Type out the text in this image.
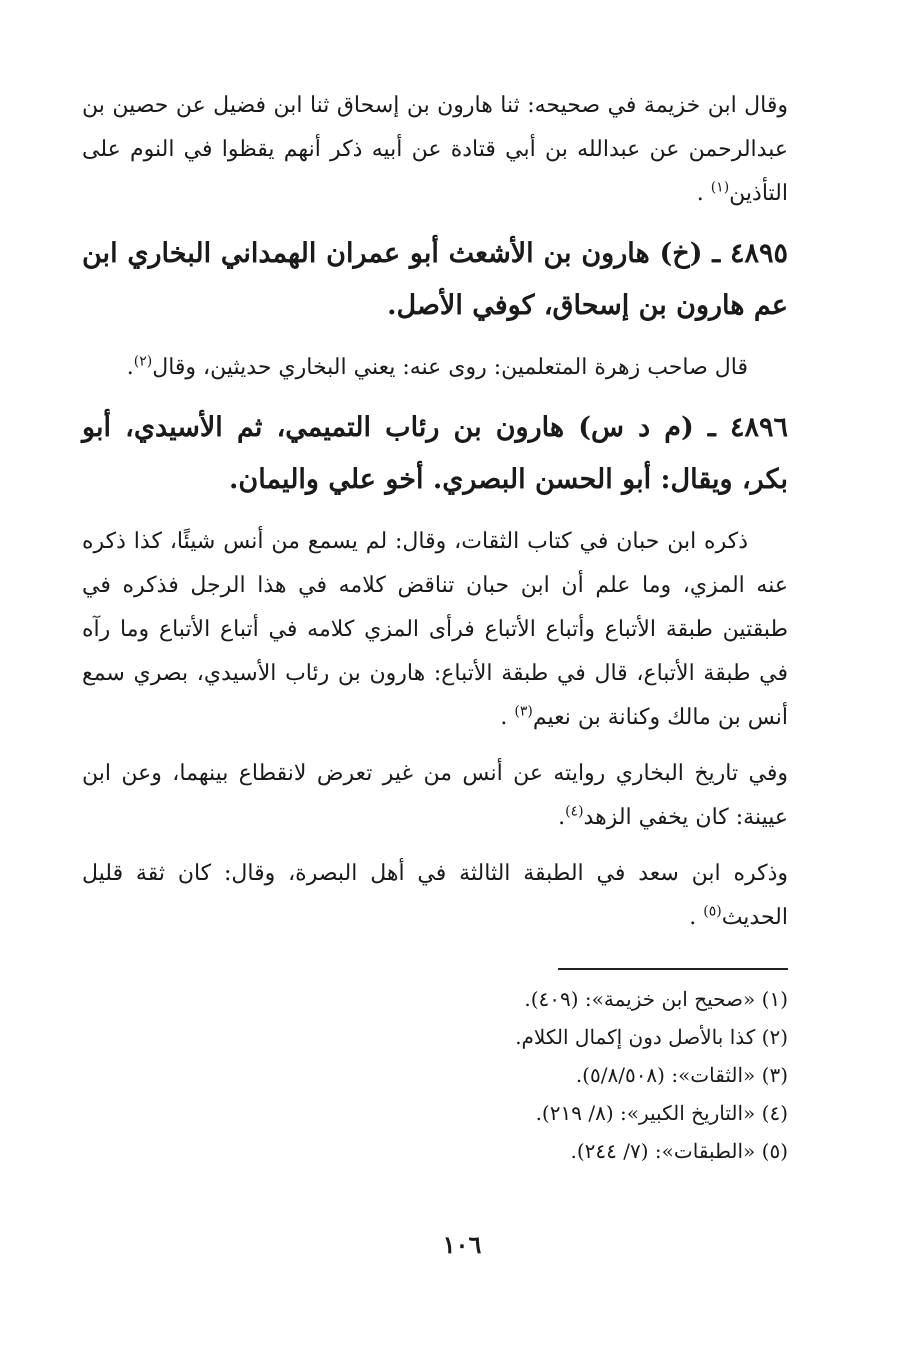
وقال ابن خزيمة في صحيحه: ثنا هارون بن إسحاق ثنا ابن فضيل عن حصين بن عبدالرحمن عن عبدالله بن أبي قتادة عن أبيه ذكر أنهم يقظوا في النوم على التأذين$^{(١)}$ .

٤٨٩٥ ـ (خ) هارون بن الأشعث أبو عمران الهمداني البخاري ابن عم هارون بن إسحاق، كوفي الأصل.

قال صاحب زهرة المتعلمين: روى عنه: يعني البخاري حديثين، وقال$^{(٢)}$.

٤٨٩٦ ـ (م د س) هارون بن رئاب التميمي، ثم الأسيدي، أبو بكر، ويقال: أبو الحسن البصري. أخو علي واليمان.

ذكره ابن حبان في كتاب الثقات، وقال: لم يسمع من أنس شيئًا، كذا ذكره عنه المزي، وما علم أن ابن حبان تناقض كلامه في هذا الرجل فذكره في طبقتين طبقة الأتباع وأتباع الأتباع فرأى المزي كلامه في أتباع الأتباع وما رآه في طبقة الأتباع، قال في طبقة الأتباع: هارون بن رئاب الأسيدي، بصري سمع أنس بن مالك وكنانة بن نعيم$^{(٣)}$ .

وفي تاريخ البخاري روايته عن أنس من غير تعرض لانقطاع بينهما، وعن ابن عيينة: كان يخفي الزهد$^{(٤)}$.

وذكره ابن سعد في الطبقة الثالثة في أهل البصرة، وقال: كان ثقة قليل الحديث$^{(٥)}$ .

(١) «صحيح ابن خزيمة»: (٤٠٩).
(٢) كذا بالأصل دون إكمال الكلام.
(٣) «الثقات»: (٥/٨/٥٠٨).
(٤) «التاريخ الكبير»: (٨/ ٢١٩).
(٥) «الطبقات»: (٧/ ٢٤٤).
١٠٦
